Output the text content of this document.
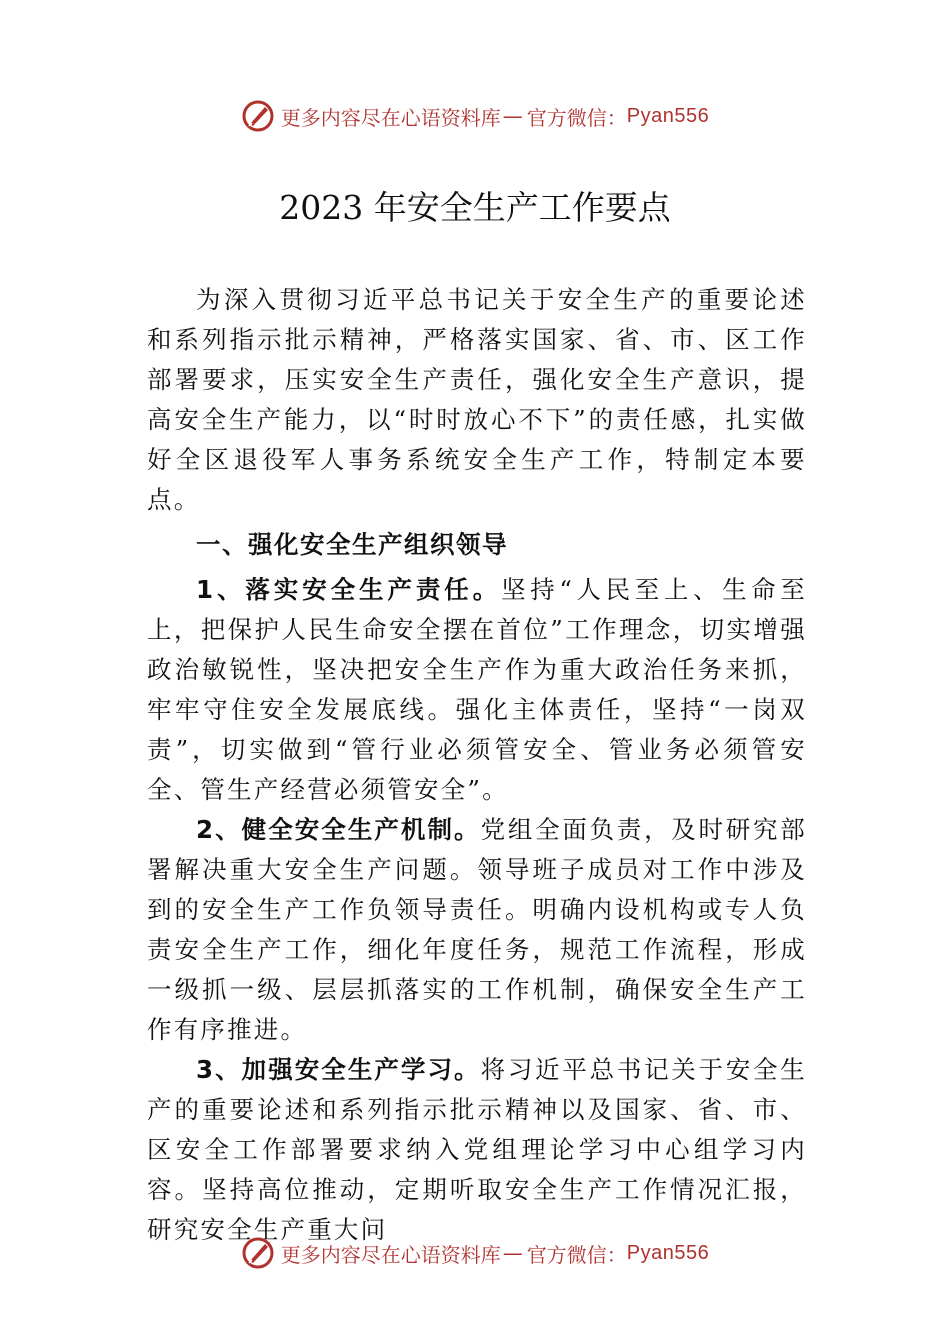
更多内容尽在心语资料库 — 官方微信： Pyan556
2023 年安全生产工作要点

为深入贯彻习近平总书记关于安全生产的重要论述和系列指示批示精神，严格落实国家、省、市、区工作部署要求，压实安全生产责任，强化安全生产意识，提高安全生产能力，以“时时放心不下”的责任感，扎实做好全区退役军人事务系统安全生产工作，特制定本要点。

一、强化安全生产组织领导

1、落实安全生产责任。坚持“人民至上、生命至上，把保护人民生命安全摆在首位”工作理念，切实增强政治敏锐性，坚决把安全生产作为重大政治任务来抓，牢牢守住安全发展底线。强化主体责任，坚持“一岗双责”，切实做到“管行业必须管安全、管业务必须管安全、管生产经营必须管安全”。

2、健全安全生产机制。党组全面负责，及时研究部署解决重大安全生产问题。领导班子成员对工作中涉及到的安全生产工作负领导责任。明确内设机构或专人负责安全生产工作，细化年度任务，规范工作流程，形成一级抓一级、层层抓落实的工作机制，确保安全生产工作有序推进。

3、加强安全生产学习。将习近平总书记关于安全生产的重要论述和系列指示批示精神以及国家、省、市、区安全工作部署要求纳入党组理论学习中心组学习内容。坚持高位推动，定期听取安全生产工作情况汇报，研究安全生产重大问

更多内容尽在心语资料库 — 官方微信： Pyan556
